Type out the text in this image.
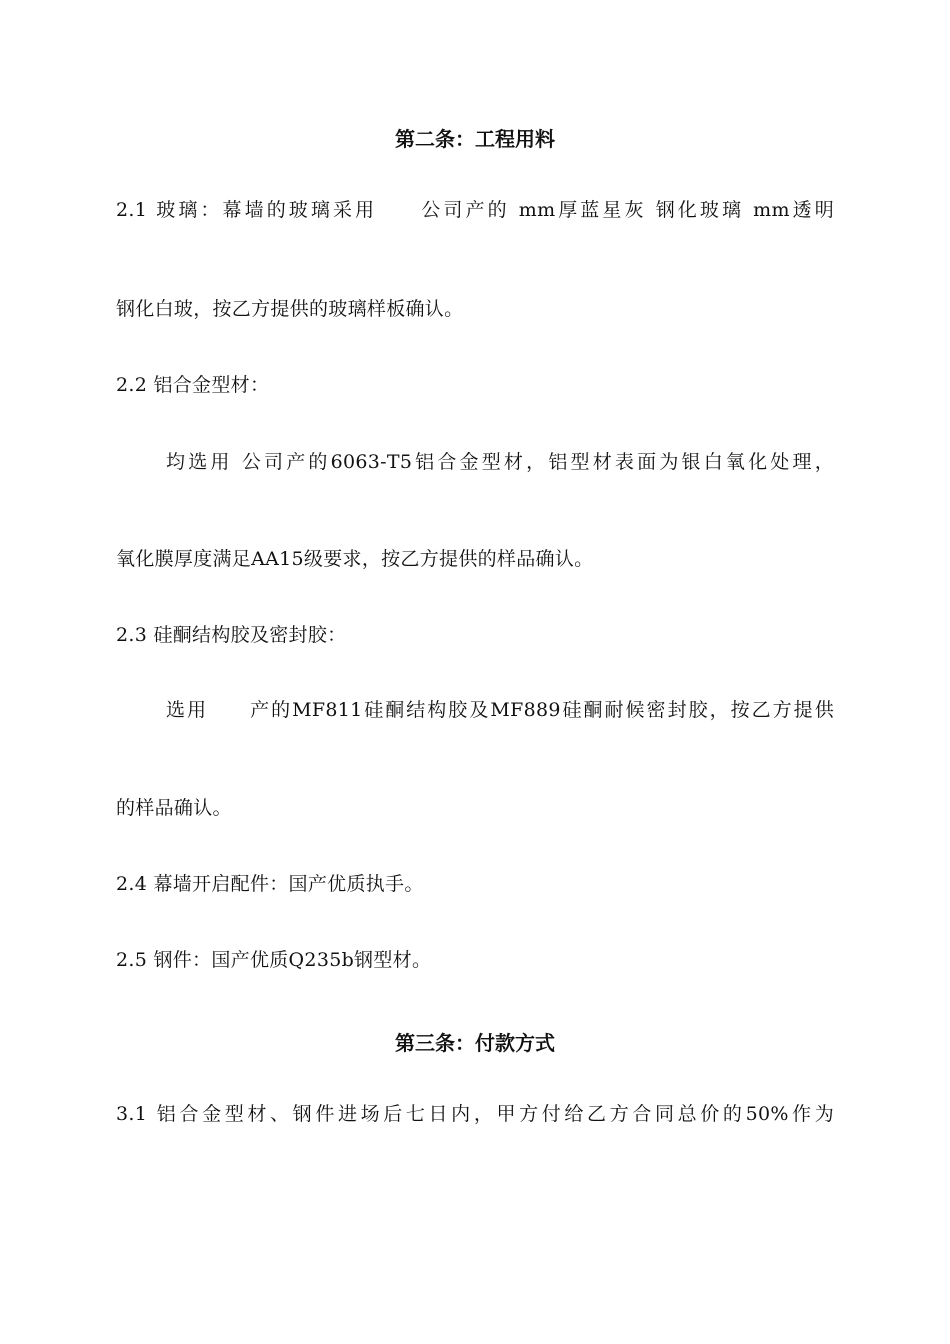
第二条：工程用料
2.1 玻璃：幕墙的玻璃采用　　公司产的 mm厚蓝星灰 钢化玻璃 mm透明
钢化白玻，按乙方提供的玻璃样板确认。
2.2 铝合金型材：
均选用 公司产的6063-T5铝合金型材，铝型材表面为银白氧化处理，
氧化膜厚度满足AA15级要求，按乙方提供的样品确认。
2.3 硅酮结构胶及密封胶：
选用　　产的MF811硅酮结构胶及MF889硅酮耐候密封胶，按乙方提供
的样品确认。
2.4 幕墙开启配件：国产优质执手。
2.5 钢件：国产优质Q235b钢型材。
第三条：付款方式
3.1 铝合金型材、钢件进场后七日内，甲方付给乙方合同总价的50%作为
